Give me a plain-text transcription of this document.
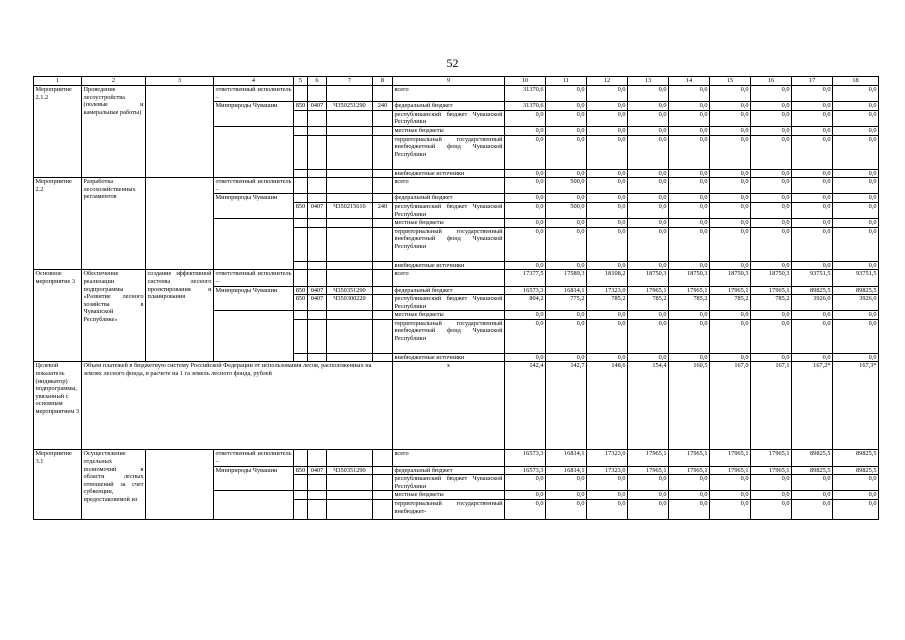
52
1	2	3	4	5	6	7	8	9	10	11	12	13	14	15	16	17	18
Мероприятие 2.1.2	Проведение лесоустройства (полевые и камеральные работы)		ответственный исполнитель –					всего	31370,6	0,0	0,0	0,0	0,0	0,0	0,0	0,0	0,0
			Минприроды Чувашии	850	0407	Ч350251290	240	федеральный бюджет	31370,6	0,0	0,0	0,0	0,0	0,0	0,0	0,0	0,0
								республиканский бюджет Чувашской Республики	0,0	0,0	0,0	0,0	0,0	0,0	0,0	0,0	0,0
								местные бюджеты	0,0	0,0	0,0	0,0	0,0	0,0	0,0	0,0	0,0
								территориальный государственный внебюджетный фонд Чувашской Республики	0,0	0,0	0,0	0,0	0,0	0,0	0,0	0,0	0,0
								внебюджетные источники	0,0	0,0	0,0	0,0	0,0	0,0	0,0	0,0	0,0
Мероприятие 2.2	Разработка лесохозяйственных регламентов		ответственный исполнитель –					всего	0,0	500,0	0,0	0,0	0,0	0,0	0,0	0,0	0,0
			Минприроды Чувашии					федеральный бюджет	0,0	0,0	0,0	0,0	0,0	0,0	0,0	0,0	0,0
				850	0407	Ч350215610	240	республиканский бюджет Чувашской Республики	0,0	500,0	0,0	0,0	0,0	0,0	0,0	0,0	0,0
								местные бюджеты	0,0	0,0	0,0	0,0	0,0	0,0	0,0	0,0	0,0
								территориальный государственный внебюджетный фонд Чувашской Республики	0,0	0,0	0,0	0,0	0,0	0,0	0,0	0,0	0,0
								внебюджетные источники	0,0	0,0	0,0	0,0	0,0	0,0	0,0	0,0	0,0
Основное мероприятие 3	Обеспечение реализации подпрограммы «Развитие лесного хозяйства в Чувашской Республике»	создание эффективной системы лесного проектирования и планирования	ответственный исполнитель –					всего	17377,5	17589,3	18108,2	18750,3	18750,3	18750,3	18750,3	93751,5	93751,5
			Минприроды Чувашии	850	0407	Ч350351290		федеральный бюджет	16573,3	16814,1	17323,0	17965,1	17965,1	17965,1	17965,1	89825,5	89825,5
				850	0407	Ч350300220		республиканский бюджет Чувашской Республики	804,2	775,2	785,2	785,2	785,2	785,2	785,2	3926,0	3926,0
								местные бюджеты	0,0	0,0	0,0	0,0	0,0	0,0	0,0	0,0	0,0
								территориальный государственный внебюджетный фонд Чувашской Республики	0,0	0,0	0,0	0,0	0,0	0,0	0,0	0,0	0,0
								внебюджетные источники	0,0	0,0	0,0	0,0	0,0	0,0	0,0	0,0	0,0
Целевой показатель (индикатор) подпрограммы, увязанный с основным мероприятием 3	Объем платежей в бюджетную систему Российской Федерации от использования лесов, расположенных на землях лесного фонда, в расчете на 1 га земель лесного фонда, рублей							х	142,4	142,7	148,6	154,4	160,5	167,0	167,1	167,2*	167,3*
Мероприятие 3.1	Осуществление отдельных полномочий в области лесных отношений за счет субвенции, предоставляемой из		ответственный исполнитель –					всего	16573,3	16814,1	17323,0	17965,1	17965,1	17965,1	17965,1	89825,5	89825,5
			Минприроды Чувашии	850	0407	Ч350351290		федеральный бюджет	16573,3	16814,1	17323,0	17965,1	17965,1	17965,1	17965,1	89825,5	89825,5
								республиканский бюджет Чувашской Республики	0,0	0,0	0,0	0,0	0,0	0,0	0,0	0,0	0,0
								местные бюджеты	0,0	0,0	0,0	0,0	0,0	0,0	0,0	0,0	0,0
								территориальный государственный внебюджет-	0,0	0,0	0,0	0,0	0,0	0,0	0,0	0,0	0,0
